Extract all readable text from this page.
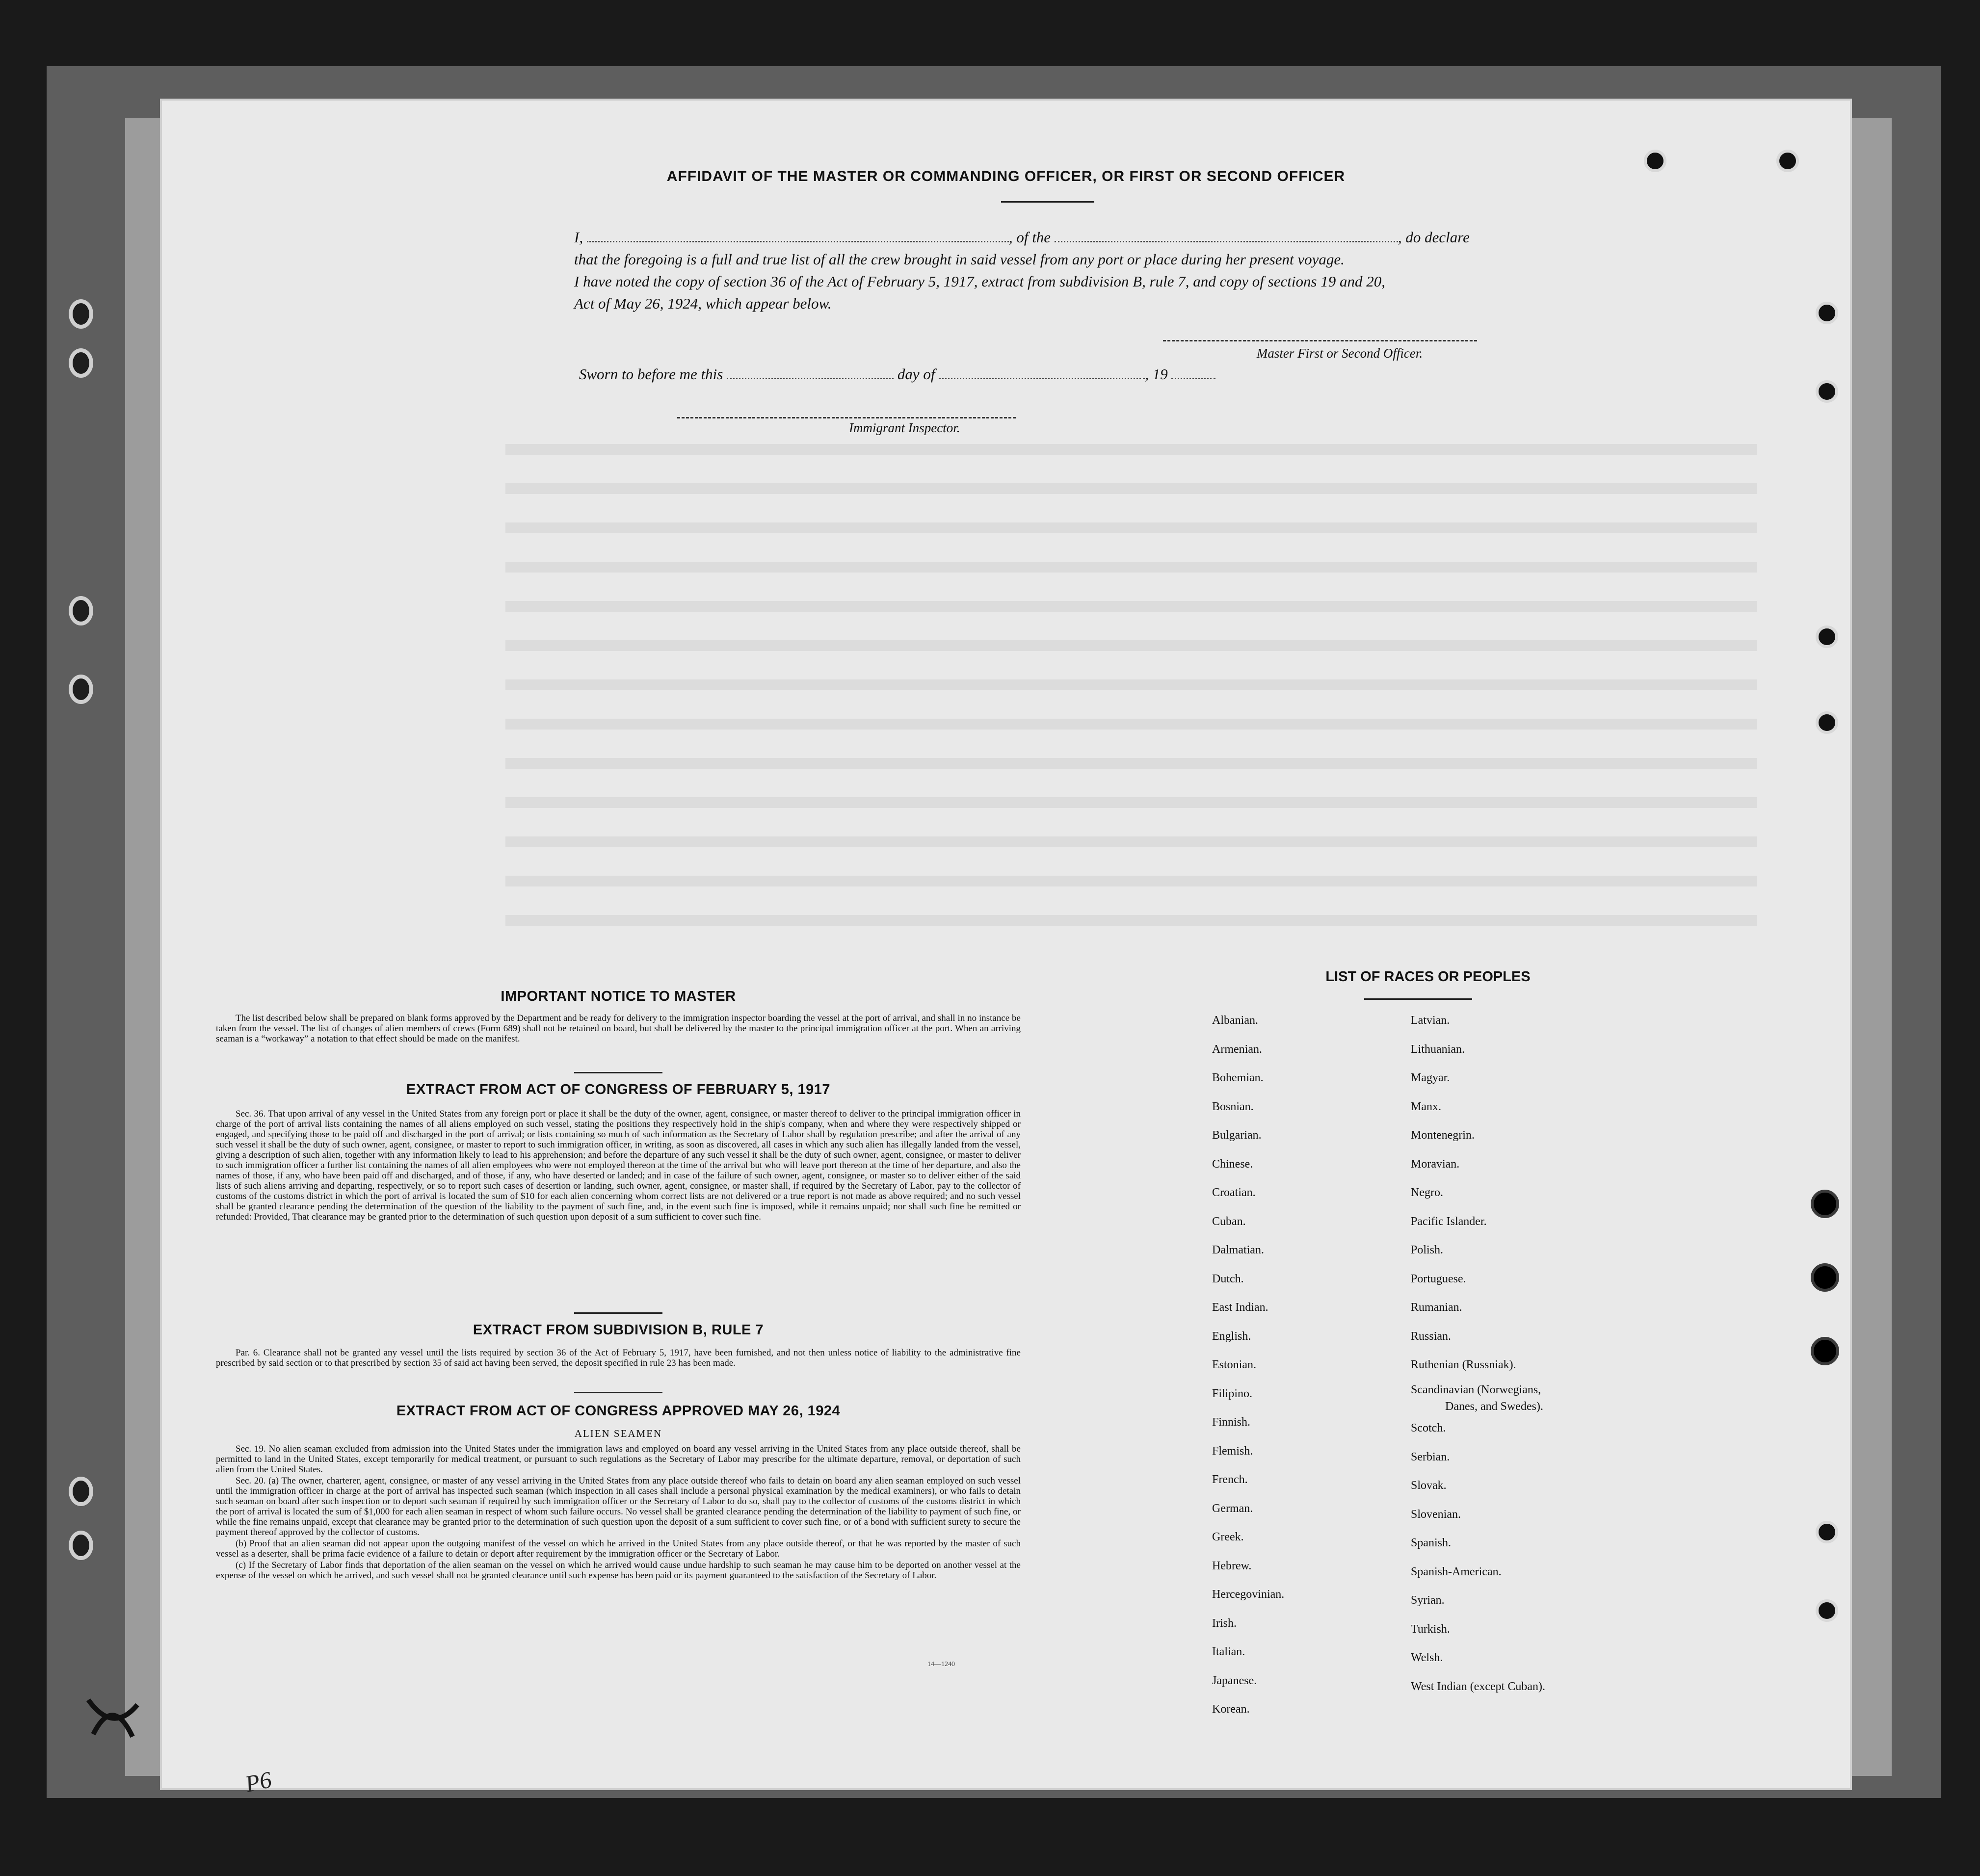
AFFIDAVIT OF THE MASTER OR COMMANDING OFFICER, OR FIRST OR SECOND OFFICER
I,	, of the	, do declare
that the foregoing is a full and true list of all the crew brought in said vessel from any port or place during her present voyage.
I have noted the copy of section 36 of the Act of February 5, 1917, extract from subdivision B, rule 7, and copy of sections 19 and 20,
Act of May 26, 1924, which appear below.
Master First or Second Officer.
Sworn to before me this	day of	, 19
Immigrant Inspector.
IMPORTANT NOTICE TO MASTER

The list described below shall be prepared on blank forms approved by the Department and be ready for delivery to the immigration inspector boarding the vessel at the port of arrival, and shall in no instance be taken from the vessel. The list of changes of alien members of crews (Form 689) shall not be retained on board, but shall be delivered by the master to the principal immigration officer at the port. When an arriving seaman is a “workaway” a notation to that effect should be made on the manifest.

EXTRACT FROM ACT OF CONGRESS OF FEBRUARY 5, 1917

Sec. 36. That upon arrival of any vessel in the United States from any foreign port or place it shall be the duty of the owner, agent, consignee, or master thereof to deliver to the principal immigration officer in charge of the port of arrival lists containing the names of all aliens employed on such vessel, stating the positions they respectively hold in the ship's company, when and where they were respectively shipped or engaged, and specifying those to be paid off and discharged in the port of arrival; or lists containing so much of such information as the Secretary of Labor shall by regulation prescribe; and after the arrival of any such vessel it shall be the duty of such owner, agent, consignee, or master to report to such immigration officer, in writing, as soon as discovered, all cases in which any such alien has illegally landed from the vessel, giving a description of such alien, together with any information likely to lead to his apprehension; and before the departure of any such vessel it shall be the duty of such owner, agent, consignee, or master to deliver to such immigration officer a further list containing the names of all alien employees who were not employed thereon at the time of the arrival but who will leave port thereon at the time of her departure, and also the names of those, if any, who have been paid off and discharged, and of those, if any, who have deserted or landed; and in case of the failure of such owner, agent, consignee, or master so to deliver either of the said lists of such aliens arriving and departing, respectively, or so to report such cases of desertion or landing, such owner, agent, consignee, or master shall, if required by the Secretary of Labor, pay to the collector of customs of the customs district in which the port of arrival is located the sum of $10 for each alien concerning whom correct lists are not delivered or a true report is not made as above required; and no such vessel shall be granted clearance pending the determination of the question of the liability to the payment of such fine, and, in the event such fine is imposed, while it remains unpaid; nor shall such fine be remitted or refunded: Provided, That clearance may be granted prior to the determination of such question upon deposit of a sum sufficient to cover such fine.

EXTRACT FROM SUBDIVISION B, RULE 7

Par. 6. Clearance shall not be granted any vessel until the lists required by section 36 of the Act of February 5, 1917, have been furnished, and not then unless notice of liability to the administrative fine prescribed by said section or to that prescribed by section 35 of said act having been served, the deposit specified in rule 23 has been made.

EXTRACT FROM ACT OF CONGRESS APPROVED MAY 26, 1924
ALIEN SEAMEN

Sec. 19. No alien seaman excluded from admission into the United States under the immigration laws and employed on board any vessel arriving in the United States from any place outside thereof, shall be permitted to land in the United States, except temporarily for medical treatment, or pursuant to such regulations as the Secretary of Labor may prescribe for the ultimate departure, removal, or deportation of such alien from the United States.

Sec. 20. (a) The owner, charterer, agent, consignee, or master of any vessel arriving in the United States from any place outside thereof who fails to detain on board any alien seaman employed on such vessel until the immigration officer in charge at the port of arrival has inspected such seaman (which inspection in all cases shall include a personal physical examination by the medical examiners), or who fails to detain such seaman on board after such inspection or to deport such seaman if required by such immigration officer or the Secretary of Labor to do so, shall pay to the collector of customs of the customs district in which the port of arrival is located the sum of $1,000 for each alien seaman in respect of whom such failure occurs. No vessel shall be granted clearance pending the determination of the liability to payment of such fine, or while the fine remains unpaid, except that clearance may be granted prior to the determination of such question upon the deposit of a sum sufficient to cover such fine, or of a bond with sufficient surety to secure the payment thereof approved by the collector of customs.

(b) Proof that an alien seaman did not appear upon the outgoing manifest of the vessel on which he arrived in the United States from any place outside thereof, or that he was reported by the master of such vessel as a deserter, shall be prima facie evidence of a failure to detain or deport after requirement by the immigration officer or the Secretary of Labor.

(c) If the Secretary of Labor finds that deportation of the alien seaman on the vessel on which he arrived would cause undue hardship to such seaman he may cause him to be deported on another vessel at the expense of the vessel on which he arrived, and such vessel shall not be granted clearance until such expense has been paid or its payment guaranteed to the satisfaction of the Secretary of Labor.

14—1240
LIST OF RACES OR PEOPLES
P6
Albanian.
Armenian.
Bohemian.
Bosnian.
Bulgarian.
Chinese.
Croatian.
Cuban.
Dalmatian.
Dutch.
East Indian.
English.
Estonian.
Filipino.
Finnish.
Flemish.
French.
German.
Greek.
Hebrew.
Hercegovinian.
Irish.
Italian.
Japanese.
Korean.
Latvian.
Lithuanian.
Magyar.
Manx.
Montenegrin.
Moravian.
Negro.
Pacific Islander.
Polish.
Portuguese.
Rumanian.
Russian.
Ruthenian (Russniak).
Scandinavian (Norwegians,
Danes, and Swedes).
Scotch.
Serbian.
Slovak.
Slovenian.
Spanish.
Spanish-American.
Syrian.
Turkish.
Welsh.
West Indian (except Cuban).
